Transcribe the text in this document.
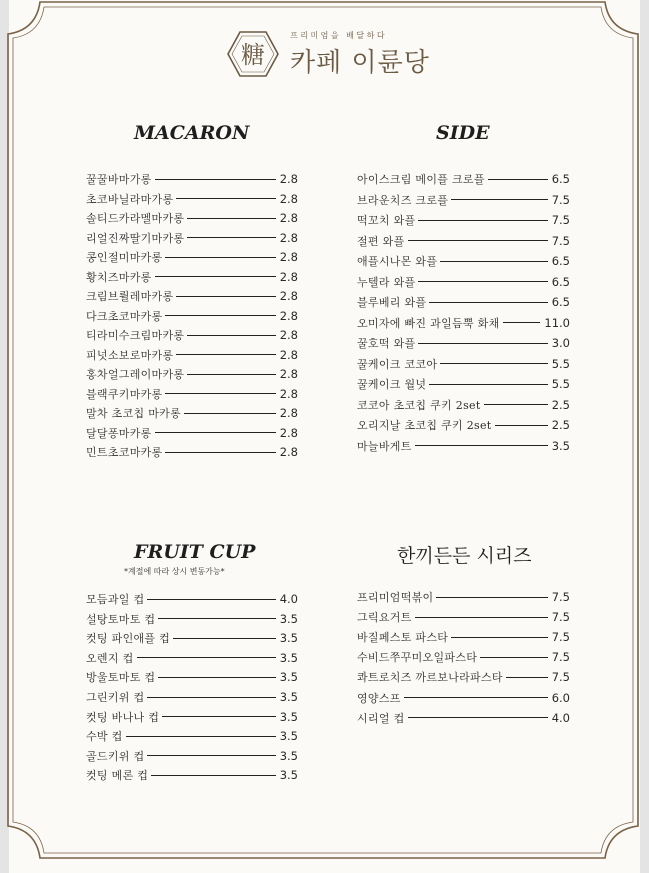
糖
프리미엄을 배달하다
카페 이륜당
MACARON	SIDE
FRUIT CUP
*계절에 따라 상시 변동가능*
한끼든든 시리즈
꿀꿀바마가롱	2.8
초코바닐라마가롱	2.8
솔티드카라멜마카롱	2.8
리얼진짜딸기마카롱	2.8
콩인절미마카롱	2.8
황치즈마카롱	2.8
크림브륄레마카롱	2.8
다크초코마카롱	2.8
티라미수크림마카롱	2.8
피넛소보로마카롱	2.8
홍차얼그레이마카롱	2.8
블랙쿠키마카롱	2.8
말차 초코칩 마카롱	2.8
달달퐁마카롱	2.8
민트초코마카롱	2.8
아이스크림 메이플 크로플	6.5
브라운치즈 크로플	7.5
떡꼬치 와플	7.5
절편 와플	7.5
애플시나몬 와플	6.5
누텔라 와플	6.5
블루베리 와플	6.5
오미자에 빠진 과일듬뿍 화채	11.0
꿀호떡 와플	3.0
꿀케이크 코코아	5.5
꿀케이크 월넛	5.5
코코아 초코칩 쿠키 2set	2.5
오리지날 초코칩 쿠키 2set	2.5
마늘바게트	3.5
모듬과일 컵	4.0
설탕토마토 컵	3.5
컷팅 파인애플 컵	3.5
오렌지 컵	3.5
방울토마토 컵	3.5
그린키위 컵	3.5
컷팅 바나나 컵	3.5
수박 컵	3.5
골드키위 컵	3.5
컷팅 메론 컵	3.5
프리미엄떡볶이	7.5
그릭요거트	7.5
바질페스토 파스타	7.5
수비드쭈꾸미오일파스타	7.5
콰트로치즈 까르보나라파스타	7.5
영양스프	6.0
시리얼 컵	4.0
